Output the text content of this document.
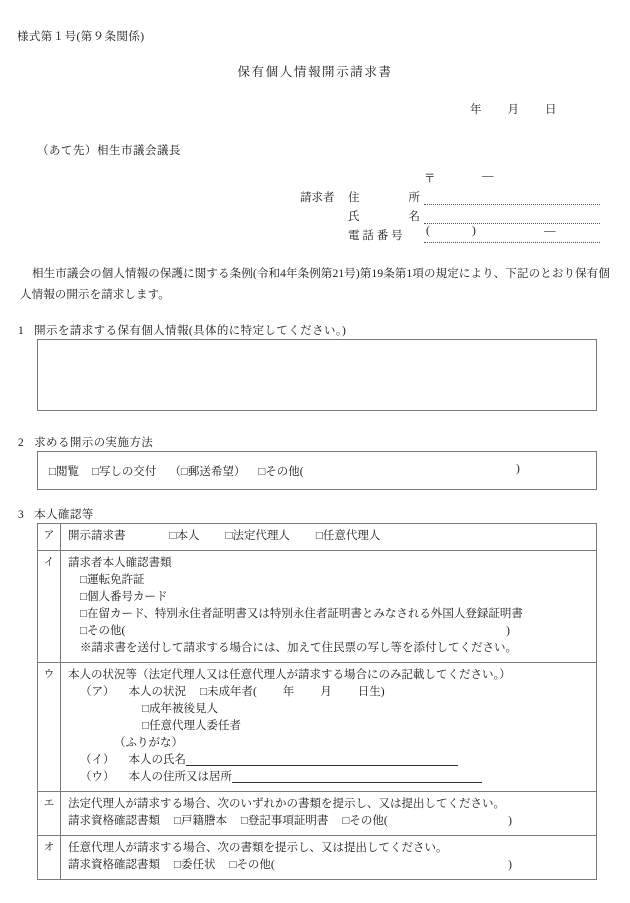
様式第１号(第９条関係)
保有個人情報開示請求書
年 月 日
（あて先）相生市議会議長
〒	―
請求者	住	所
氏	名
電 話 番 号	(	)	―
相生市議会の個人情報の保護に関する条例(令和4年条例第21号)第19条第1項の規定により、下記のとおり保有個人情報の開示を請求します。
1 開示を請求する保有個人情報(具体的に特定してください。)
2 求める開示の実施方法
□閲覧 □写しの交付 （□郵送希望） □その他(	)
3 本人確認等
ア	開示請求書 □本人 □法定代理人 □任意代理人

イ	請求者本人確認書類
□運転免許証
□個人番号カード
□在留カード、特別永住者証明書又は特別永住者証明書とみなされる外国人登録証明書
□その他(	)
※請求書を送付して請求する場合には、加えて住民票の写し等を添付してください。

ウ	本人の状況等（法定代理人又は任意代理人が請求する場合にのみ記載してください。）
（ア） 本人の状況 □未成年者( 年 月 日生)
□成年被後見人
□任意代理人委任者
（ふりがな）
（イ） 本人の氏名
（ウ） 本人の住所又は居所

エ	法定代理人が請求する場合、次のいずれかの書類を提示し、又は提出してください。
請求資格確認書類 □戸籍謄本 □登記事項証明書 □その他( )

オ	任意代理人が請求する場合、次の書類を提示し、又は提出してください。
請求資格確認書類 □委任状 □その他( )
